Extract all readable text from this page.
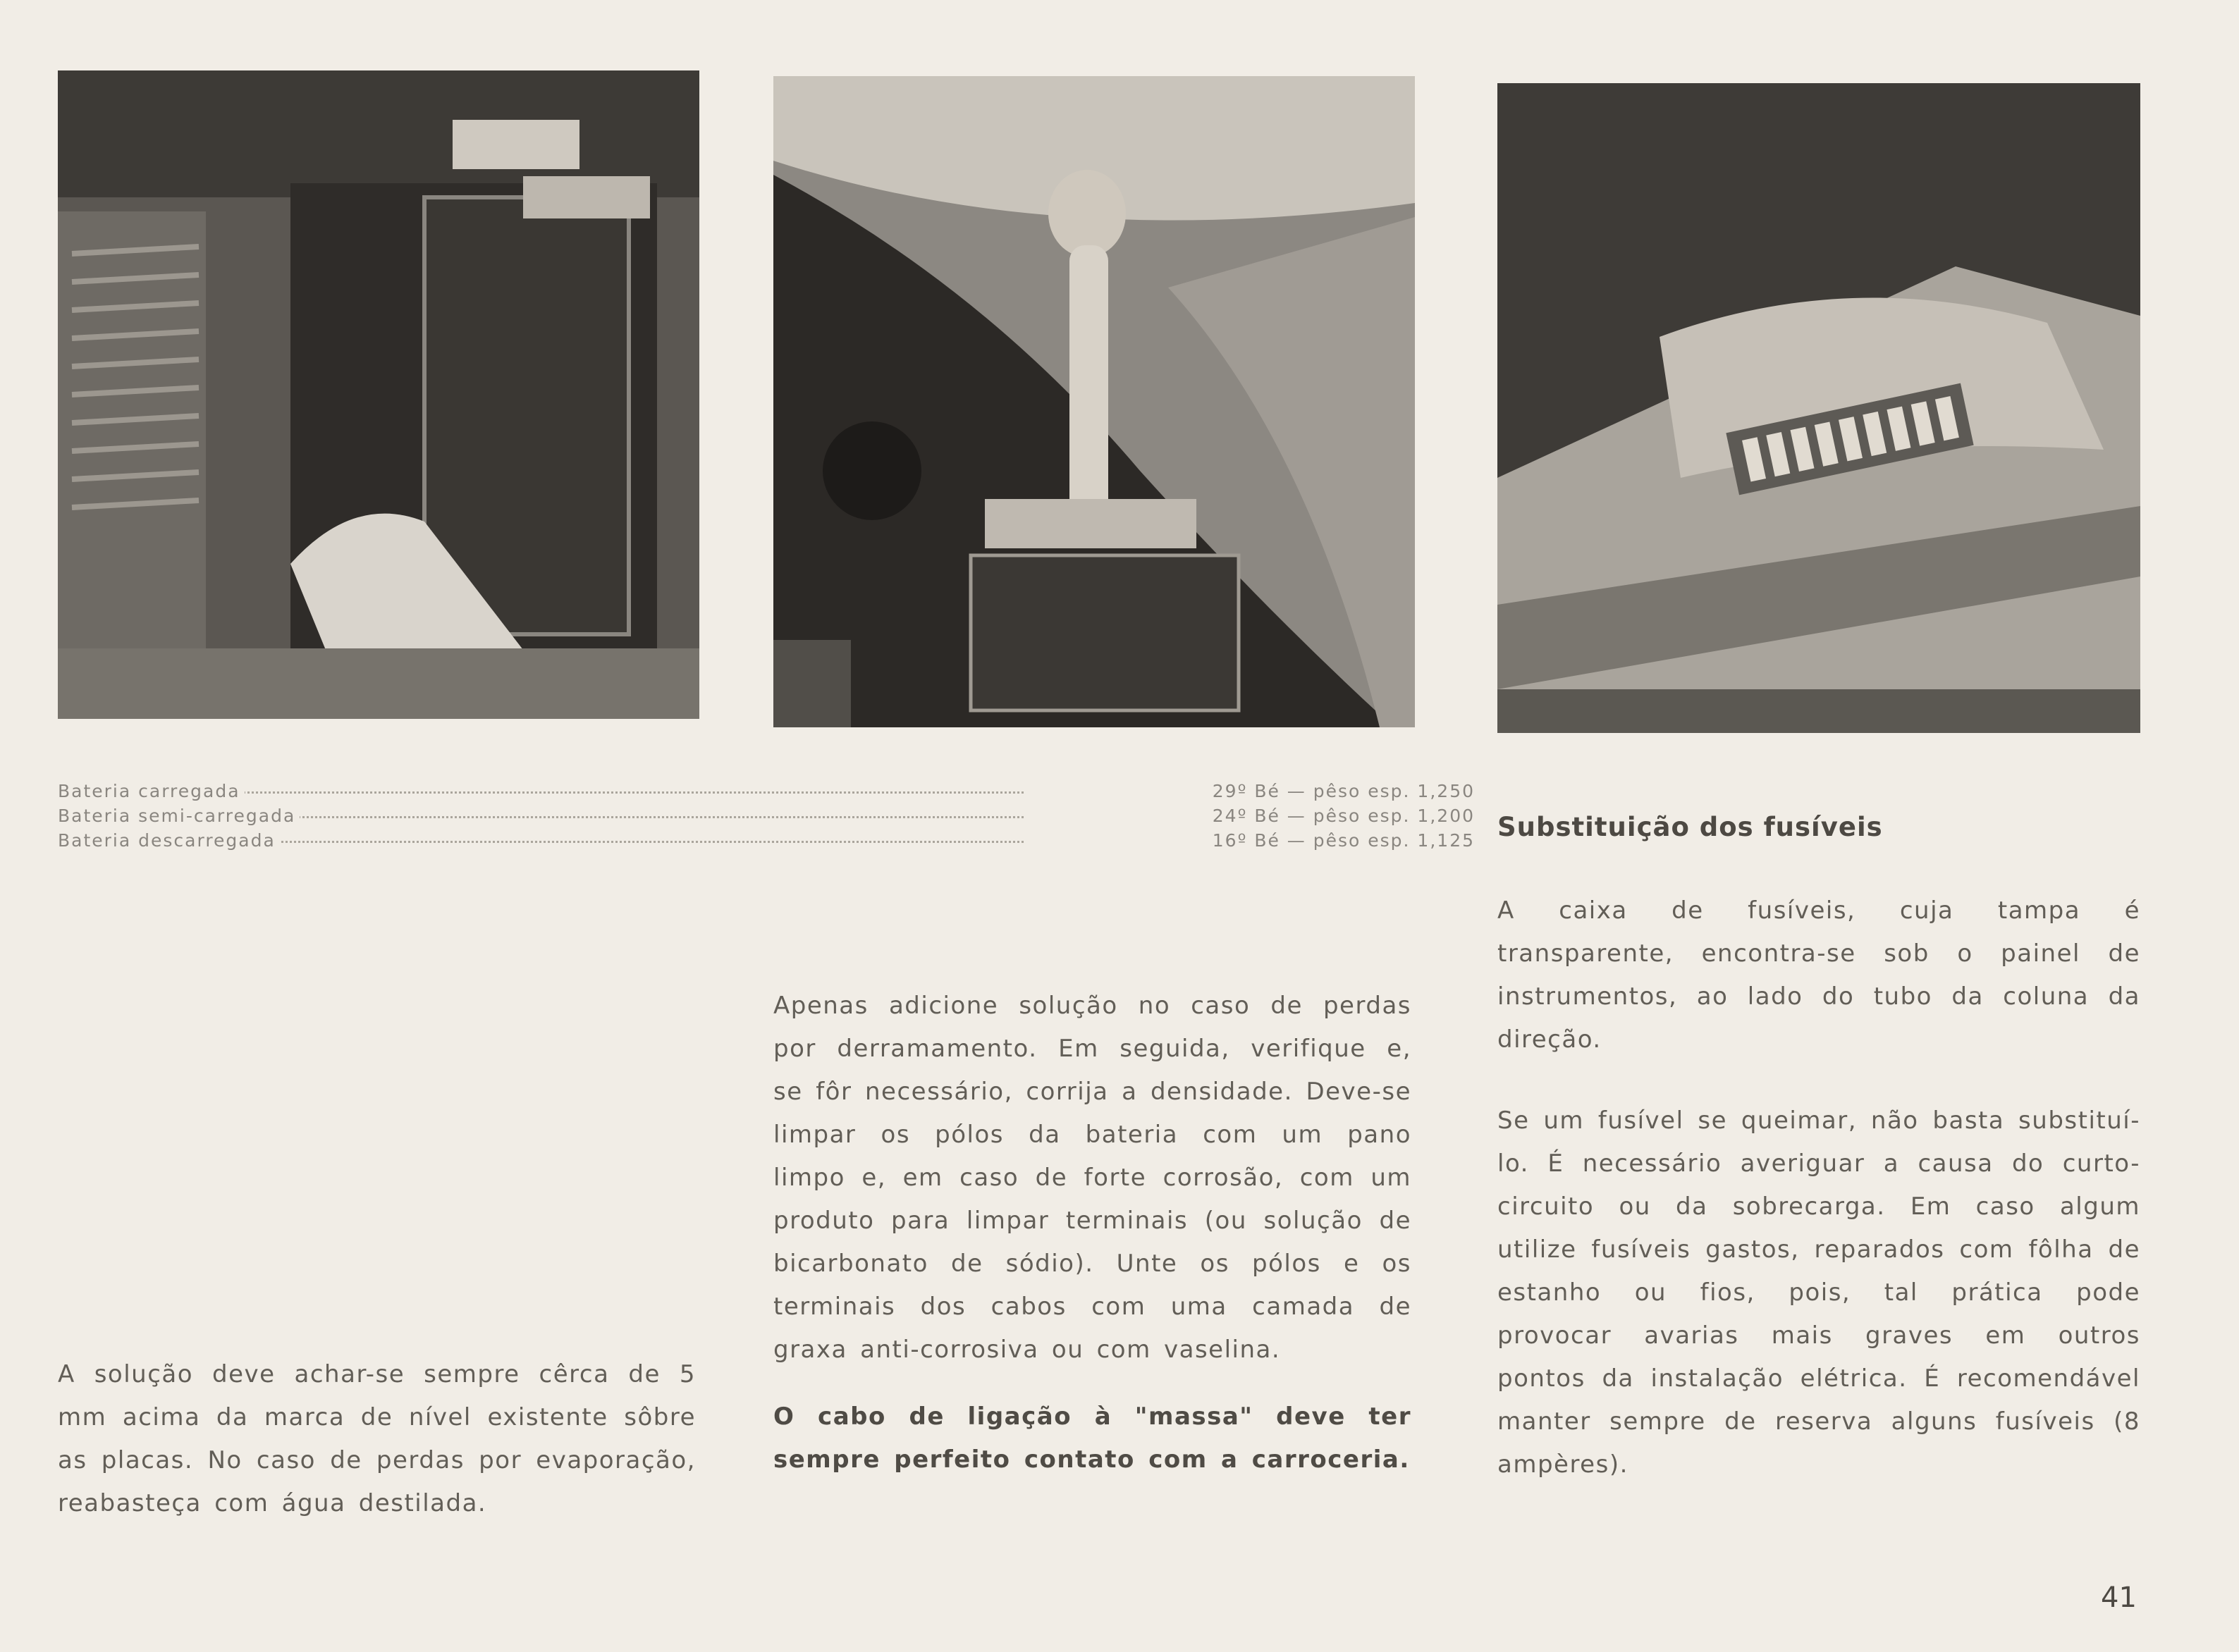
Bateria carregada	29º Bé — pêso esp. 1,250
Bateria semi-carregada	24º Bé — pêso esp. 1,200
Bateria descarregada	16º Bé — pêso esp. 1,125

A solução deve achar-se sempre cêrca de 5 mm acima da marca de nível existente sôbre as placas. No caso de perdas por evaporação, reabasteça com água destilada.

Apenas adicione solução no caso de perdas por derramamento. Em seguida, verifique e, se fôr necessário, corrija a densidade. Deve-se limpar os pólos da bateria com um pano limpo e, em caso de forte corrosão, com um produto para limpar terminais (ou solução de bicarbonato de sódio). Unte os pólos e os terminais dos cabos com uma camada de graxa anti-corrosiva ou com vaselina.

O cabo de ligação à "massa" deve ter sempre perfeito contato com a carroceria.

Substituição dos fusíveis

A caixa de fusíveis, cuja tampa é transparente, encontra-se sob o painel de instrumentos, ao lado do tubo da coluna da direção.

Se um fusível se queimar, não basta substituí-lo. É necessário averiguar a causa do curto-circuito ou da sobrecarga. Em caso algum utilize fusíveis gastos, reparados com fôlha de estanho ou fios, pois, tal prática pode provocar avarias mais graves em outros pontos da instalação elétrica. É recomendável manter sempre de reserva alguns fusíveis (8 ampères).

41
